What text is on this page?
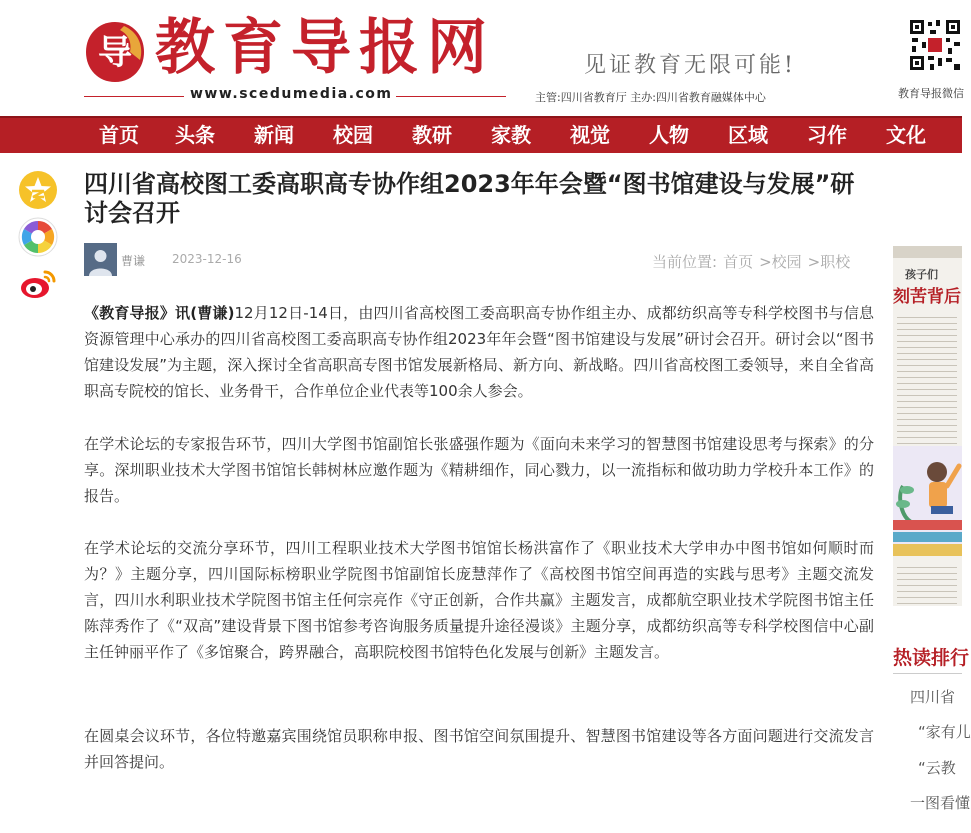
导 教育导报网
www.scedumedia.com
见证教育无限可能!
主管:四川省教育厅 主办:四川省教育融媒体中心	教育导报微信
首页	头条	新闻	校园	教研	家教	视觉	人物	区域	习作	文化
四川省高校图工委高职高专协作组2023年年会暨“图书馆建设与发展”研讨会召开
曹谦 2023-12-16	当前位置: 首页 >校园 >职校
《教育导报》讯(曹谦)12月12日-14日，由四川省高校图工委高职高专协作组主办、成都纺织高等专科学校图书与信息资源管理中心承办的四川省高校图工委高职高专协作组2023年年会暨“图书馆建设与发展”研讨会召开。研讨会以“图书馆建设发展”为主题，深入探讨全省高职高专图书馆发展新格局、新方向、新战略。四川省高校图工委领导，来自全省高职高专院校的馆长、业务骨干，合作单位企业代表等100余人参会。
在学术论坛的专家报告环节，四川大学图书馆副馆长张盛强作题为《面向未来学习的智慧图书馆建设思考与探索》的分享。深圳职业技术大学图书馆馆长韩树林应邀作题为《精耕细作，同心戮力，以一流指标和做功助力学校升本工作》的报告。
在学术论坛的交流分享环节，四川工程职业技术大学图书馆馆长杨洪富作了《职业技术大学申办中图书馆如何顺时而为？》主题分享，四川国际标榜职业学院图书馆副馆长庞慧萍作了《高校图书馆空间再造的实践与思考》主题交流发言，四川水利职业技术学院图书馆主任何宗亮作《守正创新，合作共赢》主题发言，成都航空职业技术学院图书馆主任陈萍秀作了《“双高”建设背景下图书馆参考咨询服务质量提升途径漫谈》主题分享，成都纺织高等专科学校图信中心副主任钟丽平作了《多馆聚合，跨界融合，高职院校图书馆特色化发展与创新》主题发言。
在圆桌会议环节，各位特邀嘉宾围绕馆员职称申报、图书馆空间氛围提升、智慧图书馆建设等各方面问题进行交流发言并回答提问。
孩子们
刻苦背后
热读排行
四川省
“家有儿
“云教
一图看懂
